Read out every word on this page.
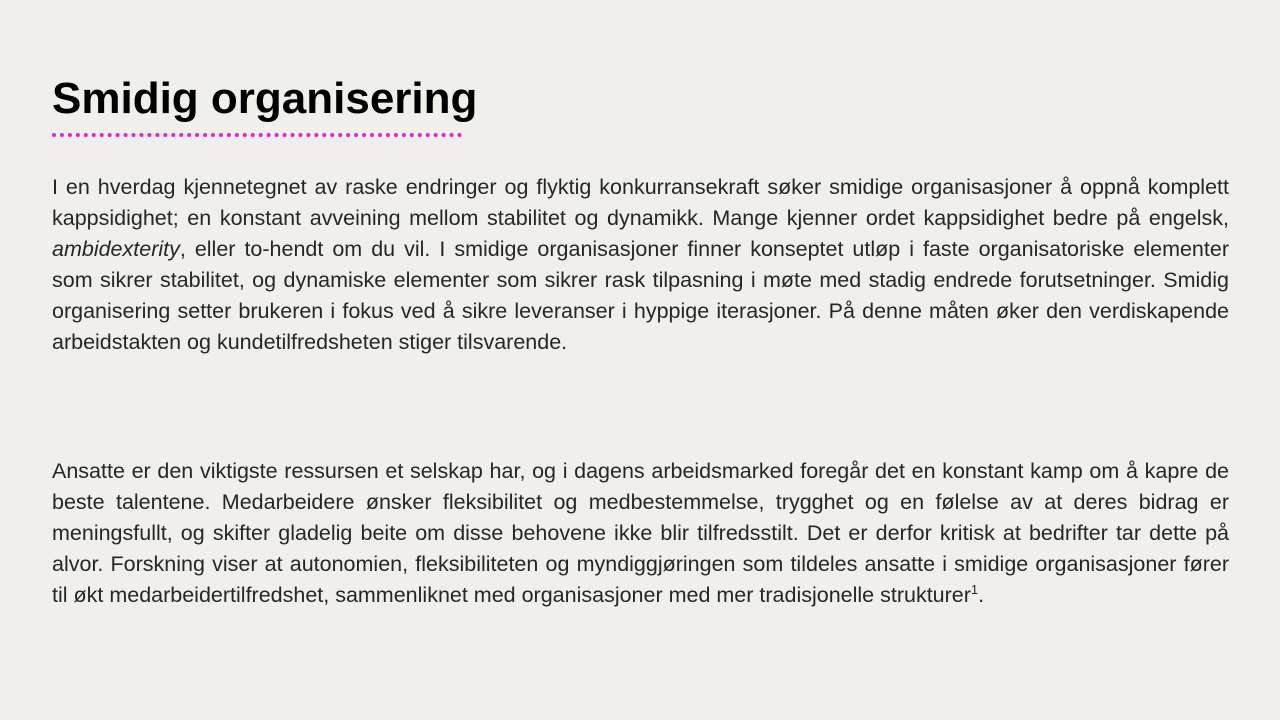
Smidig organisering

I en hverdag kjennetegnet av raske endringer og flyktig konkurransekraft søker smidige organisasjoner å oppnå komplett kappsidighet; en konstant avveining mellom stabilitet og dynamikk. Mange kjenner ordet kappsidighet bedre på engelsk, ambidexterity, eller to-hendt om du vil. I smidige organisasjoner finner konseptet utløp i faste organisatoriske elementer som sikrer stabilitet, og dynamiske elementer som sikrer rask tilpasning i møte med stadig endrede forutsetninger. Smidig organisering setter brukeren i fokus ved å sikre leveranser i hyppige iterasjoner. På denne måten øker den verdiskapende arbeidstakten og kundetilfredsheten stiger tilsvarende.

Ansatte er den viktigste ressursen et selskap har, og i dagens arbeidsmarked foregår det en konstant kamp om å kapre de beste talentene. Medarbeidere ønsker fleksibilitet og medbestemmelse, trygghet og en følelse av at deres bidrag er meningsfullt, og skifter gladelig beite om disse behovene ikke blir tilfredsstilt. Det er derfor kritisk at bedrifter tar dette på alvor. Forskning viser at autonomien, fleksibiliteten og myndiggjøringen som tildeles ansatte i smidige organisasjoner fører til økt medarbeidertilfredshet, sammenliknet med organisasjoner med mer tradisjonelle strukturer$^1$.
